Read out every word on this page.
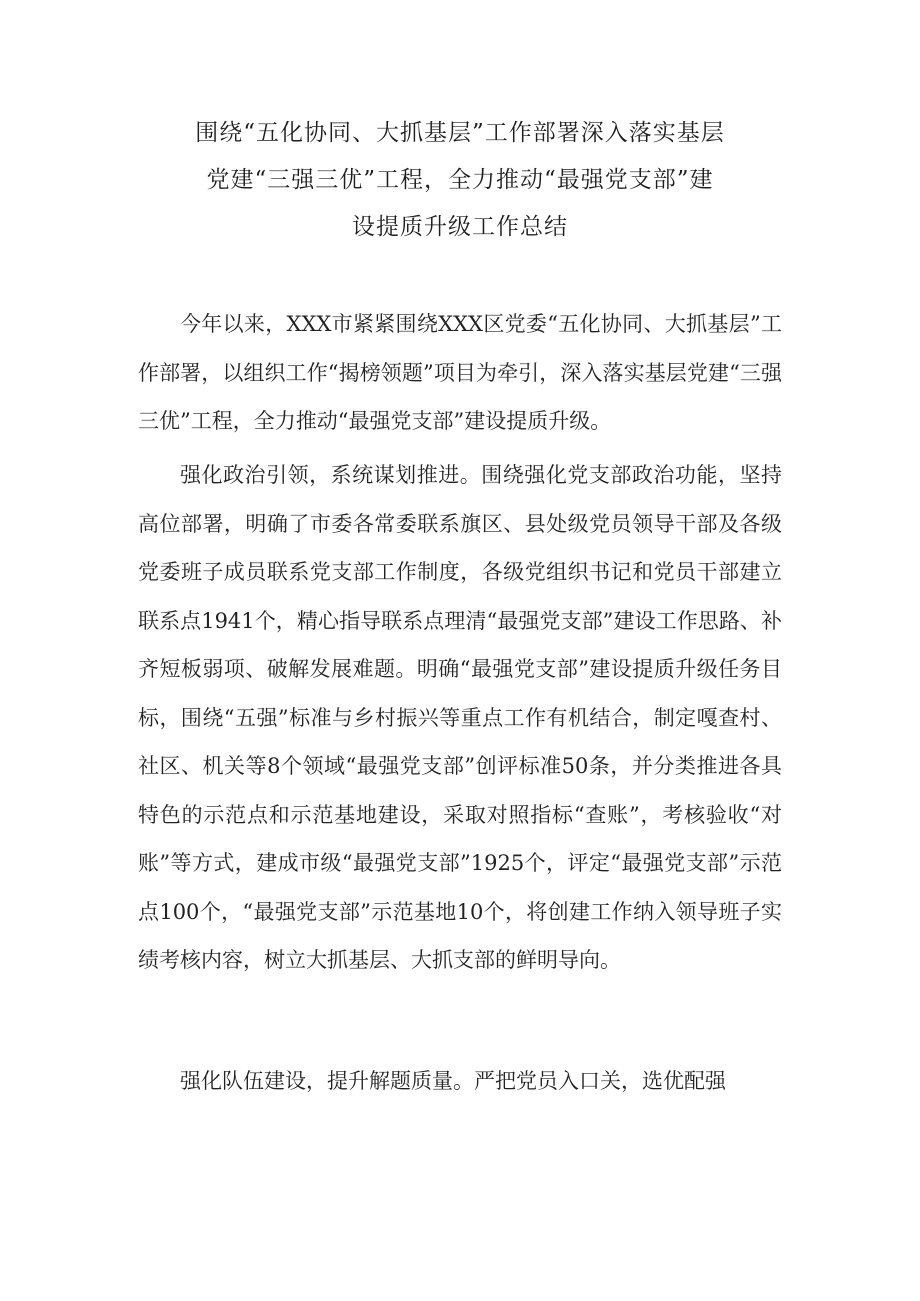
围绕“五化协同、大抓基层”工作部署深入落实基层
党建“三强三优”工程，全力推动“最强党支部”建
设提质升级工作总结

今年以来，XXX市紧紧围绕XXX区党委“五化协同、大抓基层”工作部署，以组织工作“揭榜领题”项目为牵引，深入落实基层党建“三强三优”工程，全力推动“最强党支部”建设提质升级。

强化政治引领，系统谋划推进。围绕强化党支部政治功能，坚持高位部署，明确了市委各常委联系旗区、县处级党员领导干部及各级党委班子成员联系党支部工作制度，各级党组织书记和党员干部建立联系点1941个，精心指导联系点理清“最强党支部”建设工作思路、补齐短板弱项、破解发展难题。明确“最强党支部”建设提质升级任务目标，围绕“五强”标准与乡村振兴等重点工作有机结合，制定嘎查村、社区、机关等8个领域“最强党支部”创评标准50条，并分类推进各具特色的示范点和示范基地建设，采取对照指标“查账”，考核验收“对账”等方式，建成市级“最强党支部”1925个，评定“最强党支部”示范点100个，“最强党支部”示范基地10个，将创建工作纳入领导班子实绩考核内容，树立大抓基层、大抓支部的鲜明导向。

强化队伍建设，提升解题质量。严把党员入口关，选优配强
